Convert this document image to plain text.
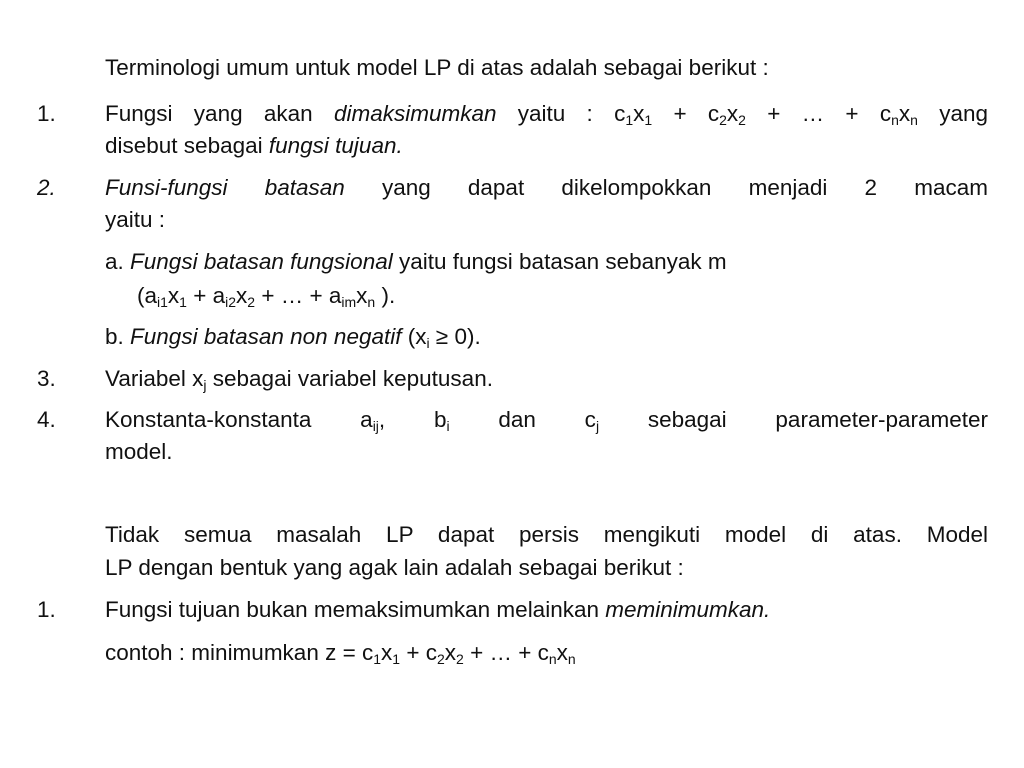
Terminologi umum untuk model LP di atas adalah sebagai berikut :
1. Fungsi yang akan dimaksimumkan yaitu : $c_1x_1 + c_2x_2$ + … + $c_nx_n$ yang
disebut sebagai fungsi tujuan.
2. Funsi-fungsi batasan yang dapat dikelompokkan menjadi 2 macam
yaitu :
a. Fungsi batasan fungsional yaitu fungsi batasan sebanyak m
($a_{i1}x_1 + a_{i2}x_2$ + … + $a_{im}x_n$ ).
b. Fungsi batasan non negatif $(x_i \ge 0)$.
3. Variabel $x_j$ sebagai variabel keputusan.
4. Konstanta-konstanta $a_{ij}$, $b_i$ dan $c_j$ sebagai parameter-parameter
model.
Tidak semua masalah LP dapat persis mengikuti model di atas. Model
LP dengan bentuk yang agak lain adalah sebagai berikut :
1. Fungsi tujuan bukan memaksimumkan melainkan meminimumkan.
contoh : minimumkan $z = c_1x_1 + c_2x_2$ + … + $c_nx_n$
